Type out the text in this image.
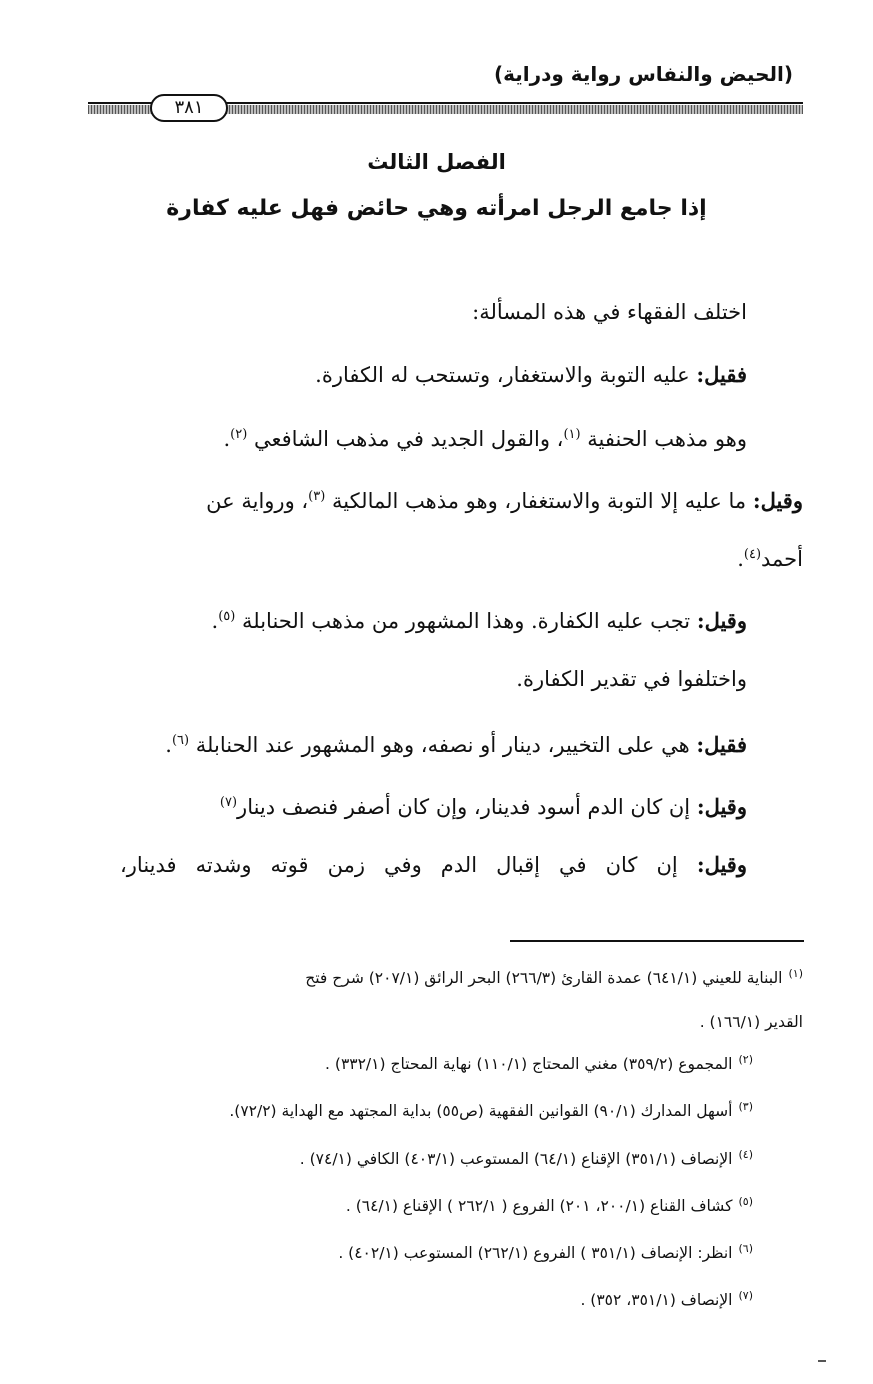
(الحيض والنفاس رواية ودراية)
٣٨١
الفصل الثالث
إذا جامع الرجل امرأته وهي حائض فهل عليه كفارة
اختلف الفقهاء في هذه المسألة:
فقيل: عليه التوبة والاستغفار، وتستحب له الكفارة.
وهو مذهب الحنفية $^{(١)}$، والقول الجديد في مذهب الشافعي $^{(٢)}$.
وقيل: ما عليه إلا التوبة والاستغفار، وهو مذهب المالكية $^{(٣)}$، ورواية عن
أحمد$^{(٤)}$.
وقيل: تجب عليه الكفارة. وهذا المشهور من مذهب الحنابلة $^{(٥)}$.
واختلفوا في تقدير الكفارة.
فقيل: هي على التخيير، دينار أو نصفه، وهو المشهور عند الحنابلة $^{(٦)}$.
وقيل: إن كان الدم أسود فدينار، وإن كان أصفر فنصف دينار$^{(٧)}$
وقيل: إن كان في إقبال الدم وفي زمن قوته وشدته فدينار،
$^{(١)}$البناية للعيني (٦٤١/١) عمدة القارئ (٢٦٦/٣) البحر الرائق (٢٠٧/١) شرح فتح
القدير (١٦٦/١) .
$^{(٢)}$المجموع (٣٥٩/٢) مغني المحتاج (١١٠/١) نهاية المحتاج (٣٣٢/١) .
$^{(٣)}$أسهل المدارك (٩٠/١) القوانين الفقهية (ص٥٥) بداية المجتهد مع الهداية (٧٢/٢).
$^{(٤)}$الإنصاف (٣٥١/١) الإقناع (٦٤/١) المستوعب (٤٠٣/١) الكافي (٧٤/١) .
$^{(٥)}$كشاف القناع (٢٠٠/١، ٢٠١) الفروع ( ٢٦٢/١ ) الإقناع (٦٤/١) .
$^{(٦)}$انظر: الإنصاف (٣٥١/١ ) الفروع (٢٦٢/١) المستوعب (٤٠٢/١) .
$^{(٧)}$الإنصاف (٣٥١/١، ٣٥٢) .
